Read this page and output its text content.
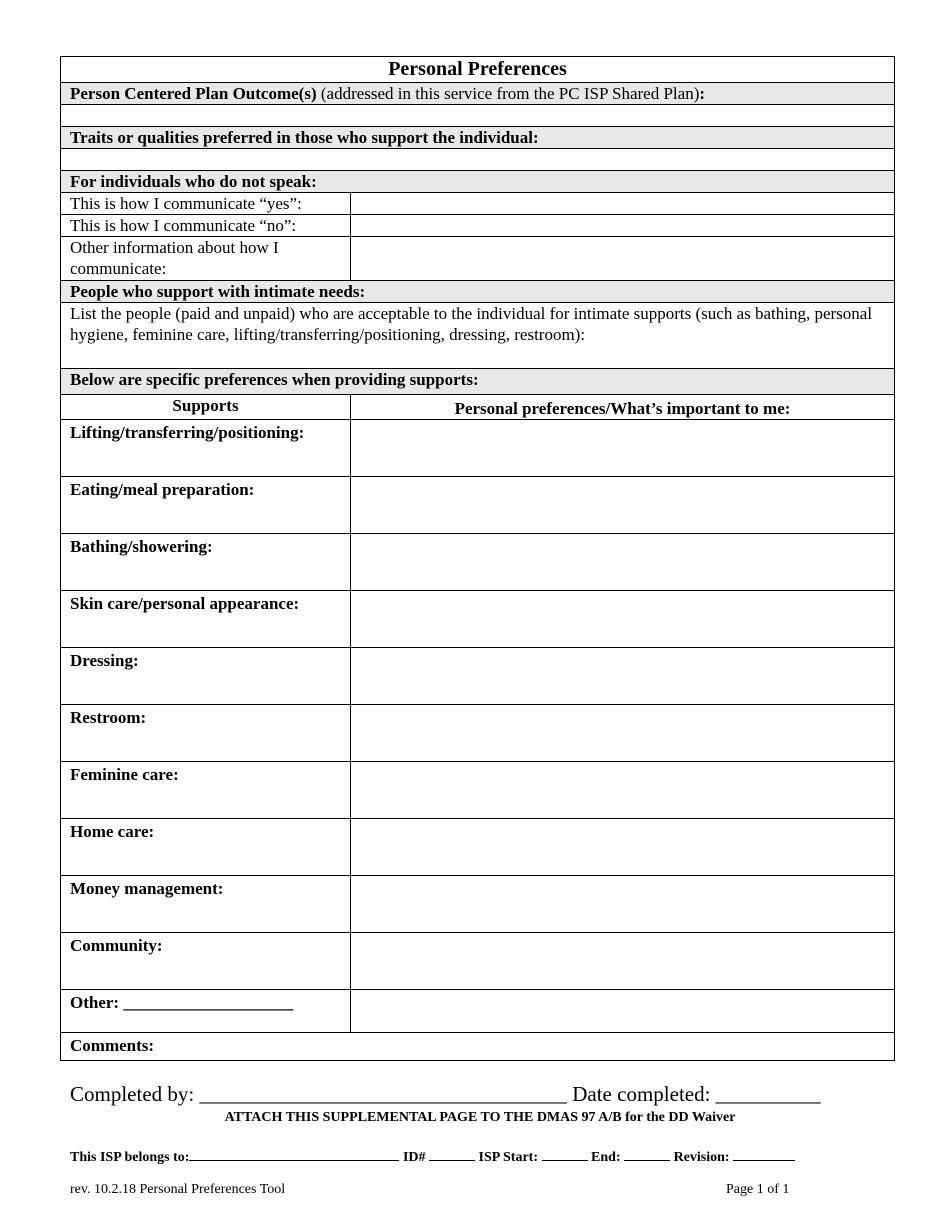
Personal Preferences	
Person Centered Plan Outcome(s) (addressed in this service from the PC ISP Shared Plan):	

Traits or qualities preferred in those who support the individual:	

For individuals who do not speak:	
This is how I communicate “yes”:	
This is how I communicate “no”:	
Other information about how I communicate:	
People who support with intimate needs:	
List the people (paid and unpaid) who are acceptable to the individual for intimate supports (such as bathing, personal hygiene, feminine care, lifting/transferring/positioning, dressing, restroom):	
Below are specific preferences when providing supports:	
Supports	Personal preferences/What’s important to me:
Lifting/transferring/positioning:	
Eating/meal preparation:	
Bathing/showering:	
Skin care/personal appearance:	
Dressing:	
Restroom:	
Feminine care:	
Home care:	
Money management:	
Community:	
Other: ____________________	
Comments:	
Completed by: ___________________________________ Date completed: __________
ATTACH THIS SUPPLEMENTAL PAGE TO THE DMAS 97 A/B for the DD Waiver
This ISP belongs to:	ID#	ISP Start:	End:	Revision:
rev. 10.2.18 Personal Preferences Tool	Page 1 of 1
